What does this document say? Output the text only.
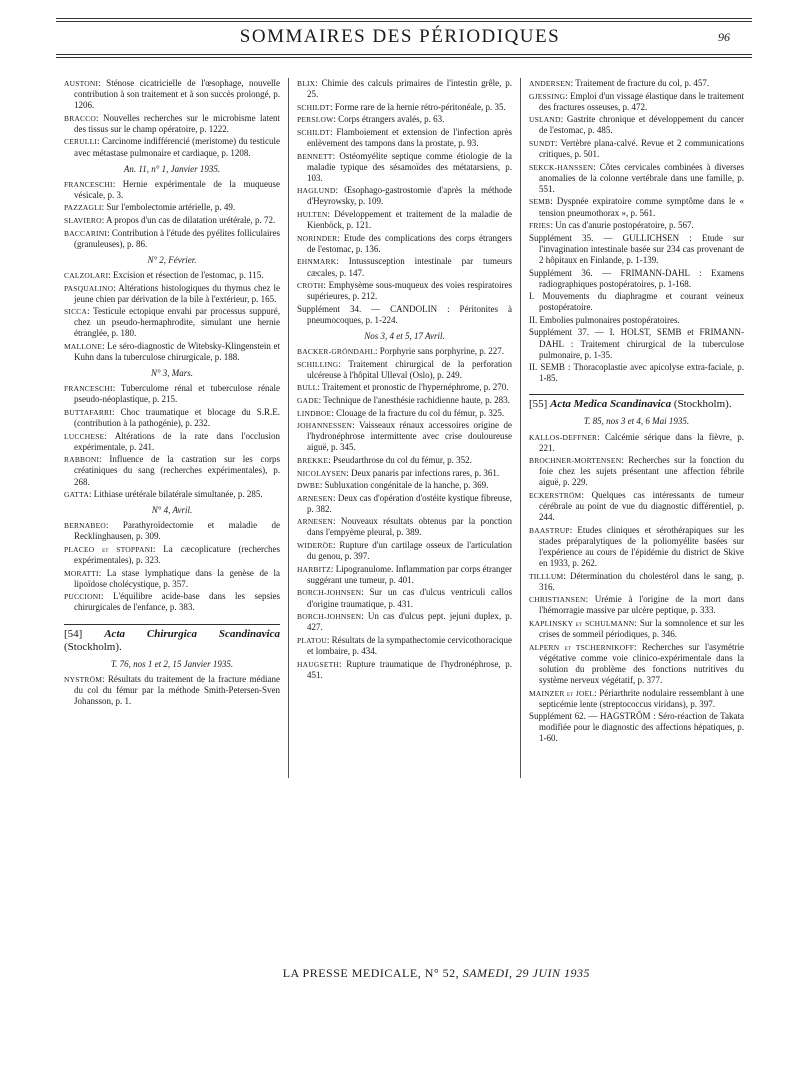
SOMMAIRES DES PÉRIODIQUES	96
AUSTONI: Sténose cicatricielle de l'œsophage, nouvelle contribution à son traitement et à son succès prolongé, p. 1206.
BRACCO: Nouvelles recherches sur le microbisme latent des tissus sur le champ opératoire, p. 1222.
CERULLI: Carcinome indifférencié (meristome) du testicule avec métastase pulmonaire et cardiaque, p. 1208.
An. 11, n° 1, Janvier 1935.
FRANCESCHI: Hernie expérimentale de la muqueuse vésicale, p. 3.
PAZZAGLI: Sur l'embolectomie artérielle, p. 49.
SLAVIERO: A propos d'un cas de dilatation urétérale, p. 72.
BACCARINI: Contribution à l'étude des pyélites folliculaires (granuleuses), p. 86.
N° 2, Février.
CALZOLARI: Excision et résection de l'estomac, p. 115.
PASQUALINO: Altérations histologiques du thymus chez le jeune chien par dérivation de la bile à l'extérieur, p. 165.
SICCA: Testicule ectopique envahi par processus suppuré, chez un pseudo-hermaphrodite, simulant une hernie étranglée, p. 180.
MALLONE: Le séro-diagnostic de Witebsky-Klingenstein et Kuhn dans la tuberculose chirurgicale, p. 188.
N° 3, Mars.
FRANCESCHI: Tuberculome rénal et tuberculose rénale pseudo-néoplastique, p. 215.
BUTTAFARRI: Choc traumatique et blocage du S.R.E. (contribution à la pathogénie), p. 232.
LUCCHESE: Altérations de la rate dans l'occlusion expérimentale, p. 241.
RABBONI: Influence de la castration sur les corps créatiniques du sang (recherches expérimentales), p. 268.
GATTA: Lithiase urétérale bilatérale simultanée, p. 285.
N° 4, Avril.
BERNABEO: Parathyroïdectomie et maladie de Recklinghausen, p. 309.
PLACEO et STOPPANI: La cæcoplicature (recherches expérimentales), p. 323.
MORATTI: La stase lymphatique dans la genèse de la lipoïdose cholécystique, p. 357.
PUCCIONI: L'équilibre acide-base dans les sepsies chirurgicales de l'enfance, p. 383.
[54] Acta Chirurgica Scandinavica (Stockholm).
T. 76, nos 1 et 2, 15 Janvier 1935.
NYSTRÖM: Résultats du traitement de la fracture médiane du col du fémur par la méthode Smith-Petersen-Sven Johansson, p. 1.
BLIX: Chimie des calculs primaires de l'intestin grêle, p. 25.
SCHILDT: Forme rare de la hernie rétro-péritonéale, p. 35.
PERSLOW: Corps étrangers avalés, p. 63.
SCHILDT: Flamboiement et extension de l'infection après enlèvement des tampons dans la prostate, p. 93.
BENNETT: Ostéomyélite septique comme étiologie de la maladie typique des sésamoïdes des métatarsiens, p. 103.
HAGLUND: Œsophago-gastrostomie d'après la méthode d'Heyrowsky, p. 109.
HULTEN: Développement et traitement de la maladie de Kienböck, p. 121.
NORINDER: Etude des complications des corps étrangers de l'estomac, p. 136.
EHNMARK: Intussusception intestinale par tumeurs cæcales, p. 147.
CROTH: Emphysème sous-muqueux des voies respiratoires supérieures, p. 212.
Supplément 34. — CANDOLIN : Péritonites à pneumocoques, p. 1-224.
Nos 3, 4 et 5, 17 Avril.
BACKER-GRÖNDAHL: Porphyrie sans porphyrine, p. 227.
SCHILLING: Traitement chirurgical de la perforation ulcéreuse à l'hôpital Ulleval (Oslo), p. 249.
BULL: Traitement et pronostic de l'hypernéphrome, p. 270.
GADE: Technique de l'anesthésie rachidienne haute, p. 283.
LINDBOE: Clouage de la fracture du col du fémur, p. 325.
JOHANNESSEN: Vaisseaux rénaux accessoires origine de l'hydronéphrose intermittente avec crise douloureuse aiguë, p. 345.
BREKKE: Pseudarthrose du col du fémur, p. 352.
NICOLAYSEN: Deux panaris par infections rares, p. 361.
DWBE: Subluxation congénitale de la hanche, p. 369.
ARNESEN: Deux cas d'opération d'ostéite kystique fibreuse, p. 382.
ARNESEN: Nouveaux résultats obtenus par la ponction dans l'empyème pleural, p. 389.
WIDERÖE: Rupture d'un cartilage osseux de l'articulation du genou, p. 397.
HARBITZ: Lipogranulome. Inflammation par corps étranger suggérant une tumeur, p. 401.
BORCH-JOHNSEN: Sur un cas d'ulcus ventriculi callos d'origine traumatique, p. 431.
BORCH-JOHNSEN: Un cas d'ulcus pept. jejuni duplex, p. 427.
PLATOU: Résultats de la sympathectomie cervicothoracique et lombaire, p. 434.
HAUGSETH: Rupture traumatique de l'hydronéphrose, p. 451.
ANDERSEN: Traitement de fracture du col, p. 457.
GJESSING: Emploi d'un vissage élastique dans le traitement des fractures osseuses, p. 472.
USLAND: Gastrite chronique et développement du cancer de l'estomac, p. 485.
SUNDT: Vertèbre plana-calvé. Revue et 2 communications critiques, p. 501.
SEKCK-HANSSEN: Côtes cervicales combinées à diverses anomalies de la colonne vertébrale dans une famille, p. 551.
SEMB: Dyspnée expiratoire comme symptôme dans le « tension pneumothorax », p. 561.
FRIES: Un cas d'anurie postopératoire, p. 567.
Supplément 35. — GULLICHSEN : Etude sur l'invagination intestinale basée sur 234 cas provenant de 2 hôpitaux en Finlande, p. 1-139.
Supplément 36. — FRIMANN-DAHL : Examens radiographiques postopératoires, p. 1-168.
I. Mouvements du diaphragme et courant veineux postopératoire.
II. Embolies pulmonaires postopératoires.
Supplément 37. — I. HOLST, SEMB et FRIMANN-DAHL : Traitement chirurgical de la tuberculose pulmonaire, p. 1-35.
II. SEMB : Thoracoplastie avec apicolyse extra-faciale, p. 1-85.
[55] Acta Medica Scandinavica (Stockholm).
T. 85, nos 3 et 4, 6 Mai 1935.
KALLOS-DEFFNER: Calcémie sérique dans la fièvre, p. 221.
BROCHNER-MORTENSEN: Recherches sur la fonction du foie chez les sujets présentant une affection fébrile aiguë, p. 229.
ECKERSTRÖM: Quelques cas intéressants de tumeur cérébrale au point de vue du diagnostic différentiel, p. 244.
BAASTRUP: Etudes cliniques et sérothérapiques sur les stades préparalytiques de la poliomyélite basées sur l'expérience au cours de l'épidémie du district de Skive en 1933, p. 262.
TILLLUM: Détermination du cholestérol dans le sang, p. 316.
CHRISTIANSEN: Urémie à l'origine de la mort dans l'hémorragie massive par ulcère peptique, p. 333.
KAPLINSKY et SCHULMANN: Sur la somnolence et sur les crises de sommeil périodiques, p. 346.
ALPERN et TSCHERNIKOFF: Recherches sur l'asymétrie végétative comme voie clinico-expérimentale dans la solution du problème des fonctions nutritives du système nerveux végétatif, p. 377.
MAINZER et JOEL: Périarthrite nodulaire ressemblant à une septicémie lente (streptococcus viridans), p. 397.
Supplément 62. — HAGSTRÖM : Séro-réaction de Takata modifiée pour le diagnostic des affections hépatiques, p. 1-60.
LA PRESSE MEDICALE, N° 52, SAMEDI, 29 JUIN 1935
